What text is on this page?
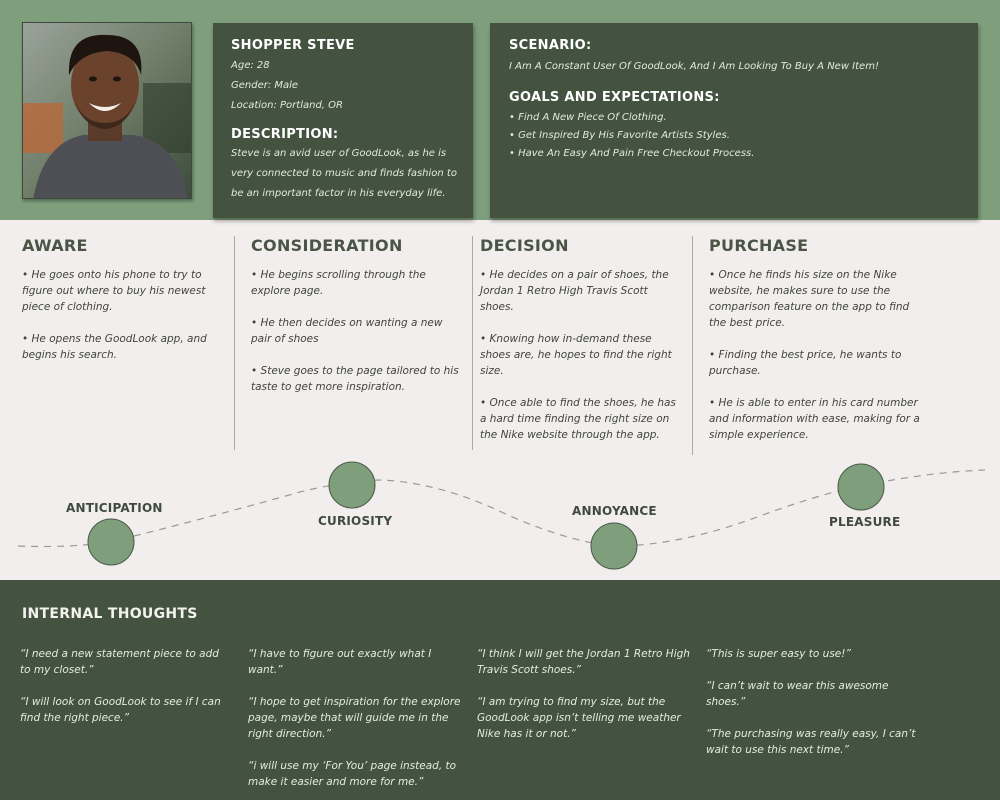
SHOPPER STEVE

Age: 28

Gender: Male

Location: Portland, OR

DESCRIPTION:

Steve is an avid user of GoodLook, as he is very connected to music and finds fashion to be an important factor in his everyday life.

SCENARIO:

I Am A Constant User Of GoodLook, And I Am Looking To Buy A New Item!

GOALS AND EXPECTATIONS:
• Find A New Piece Of Clothing.
• Get Inspired By His Favorite Artists Styles.
• Have An Easy And Pain Free Checkout Process.
AWARE
• He goes onto his phone to try to figure out where to buy his newest piece of clothing.
• He opens the GoodLook app, and begins his search.
CONSIDERATION
• He begins scrolling through the explore page.
• He then decides on wanting a new pair of shoes
• Steve goes to the page tailored to his taste to get more inspiration.
DECISION
• He decides on a pair of shoes, the Jordan 1 Retro High Travis Scott shoes.
• Knowing how in-demand these shoes are, he hopes to find the right size.
• Once able to find the shoes, he has a hard time finding the right size on the Nike website through the app.
PURCHASE
• Once he finds his size on the Nike website, he makes sure to use the comparison feature on the app to find the best price.
• Finding the best price, he wants to purchase.
• He is able to enter in his card number and information with ease, making for a simple experience.
ANTICIPATION
CURIOSITY
ANNOYANCE
PLEASURE
INTERNAL THOUGHTS

“I need a new statement piece to add to my closet.”

“I will look on GoodLook to see if I can find the right piece.”

“I have to figure out exactly what I want.”

“I hope to get inspiration for the explore page, maybe that will guide me in the right direction.”

“i will use my ‘For You’ page instead, to make it easier and more for me.”

“I think I will get the Jordan 1 Retro High Travis Scott shoes.”

“I am trying to find my size, but the GoodLook app isn’t telling me weather Nike has it or not.”

“This is super easy to use!”

“I can’t wait to wear this awesome shoes.”

“The purchasing was really easy, I can’t wait to use this next time.”
